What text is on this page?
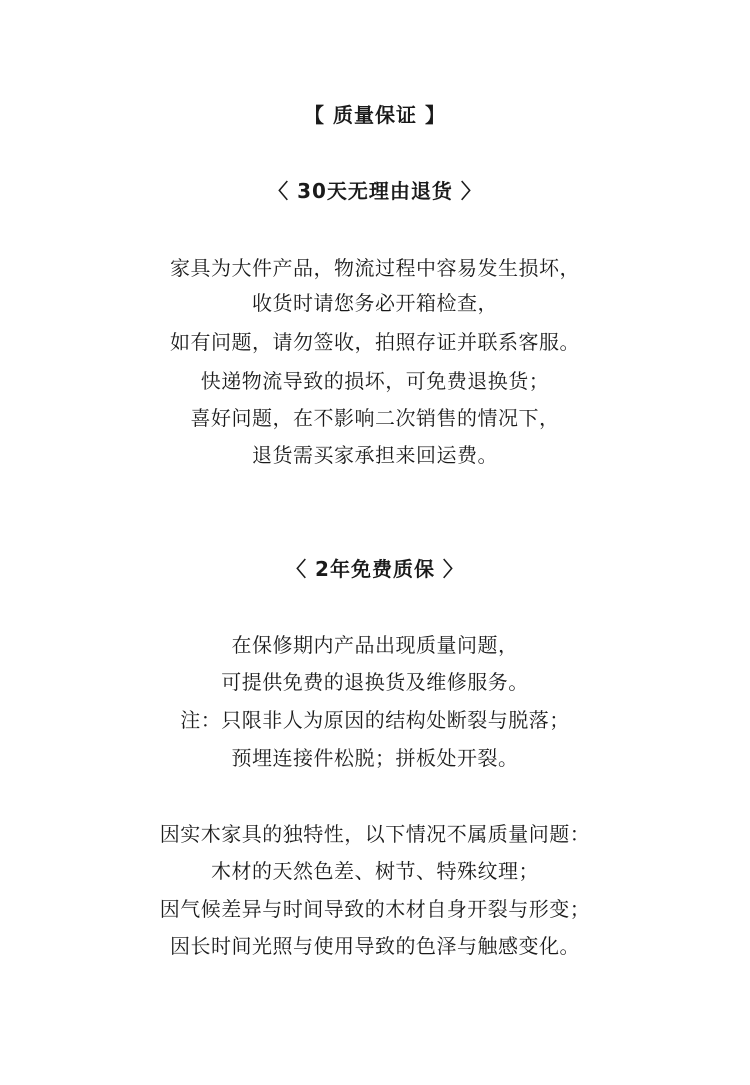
【 质量保证 】
〈 30天无理由退货 〉
家具为大件产品，物流过程中容易发生损坏，
收货时请您务必开箱检查，
如有问题，请勿签收，拍照存证并联系客服。
快递物流导致的损坏，可免费退换货；
喜好问题，在不影响二次销售的情况下，
退货需买家承担来回运费。
〈 2年免费质保 〉
在保修期内产品出现质量问题，
可提供免费的退换货及维修服务。
注：只限非人为原因的结构处断裂与脱落；
预埋连接件松脱；拼板处开裂。
因实木家具的独特性，以下情况不属质量问题：
木材的天然色差、树节、特殊纹理；
因气候差异与时间导致的木材自身开裂与形变；
因长时间光照与使用导致的色泽与触感变化。
